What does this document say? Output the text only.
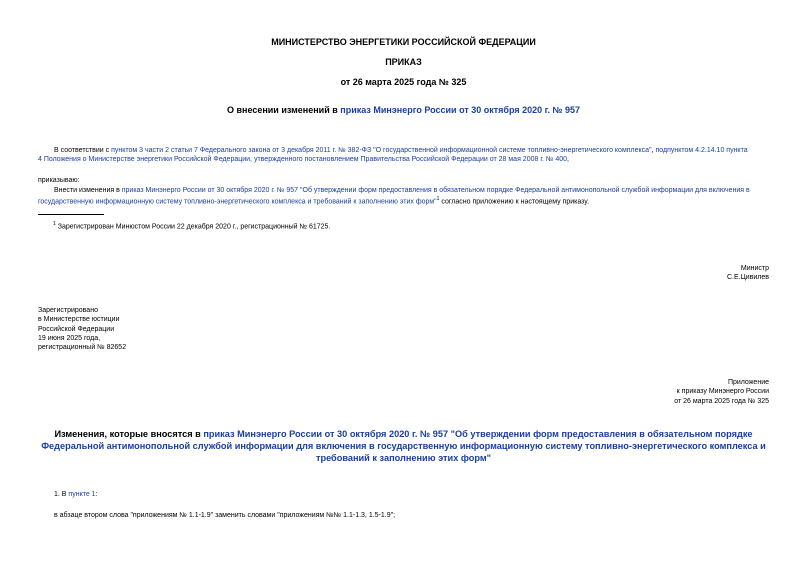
МИНИСТЕРСТВО ЭНЕРГЕТИКИ РОССИЙСКОЙ ФЕДЕРАЦИИ

ПРИКАЗ

от 26 марта 2025 года № 325

О внесении изменений в приказ Минэнерго России от 30 октября 2020 г. № 957

В соответствии с пунктом 3 части 2 статьи 7 Федерального закона от 3 декабря 2011 г. № 382-ФЗ "О государственной информационной системе топливно-энергетического комплекса", подпунктом 4.2.14.10 пункта
4 Положения о Министерстве энергетики Российской Федерации, утвержденного постановлением Правительства Российской Федерации от 28 мая 2008 г. № 400,

приказываю:

Внести изменения в приказ Минэнерго России от 30 октября 2020 г. № 957 "Об утверждении форм предоставления в обязательном порядке Федеральной антимонопольной службой информации для включения в
государственную информационную систему топливно-энергетического комплекса и требований к заполнению этих форм"$^1$ согласно приложению к настоящему приказу.

$^1$ Зарегистрирован Минюстом России 22 декабря 2020 г., регистрационный № 61725.

Министр
С.Е.Цивилев
Зарегистрировано
в Министерстве юстиции
Российской Федерации
19 июня 2025 года,
регистрационный № 82652
Приложение
к приказу Минэнерго России
от 26 марта 2025 года № 325
Изменения, которые вносятся в приказ Минэнерго России от 30 октября 2020 г. № 957 "Об утверждении форм предоставления в обязательном порядке
Федеральной антимонопольной службой информации для включения в государственную информационную систему топливно-энергетического комплекса и
требований к заполнению этих форм"

1. В пункте 1:

в абзаце втором слова "приложениям № 1.1-1.9" заменить словами "приложениям №№ 1.1-1.3, 1.5-1.9";
